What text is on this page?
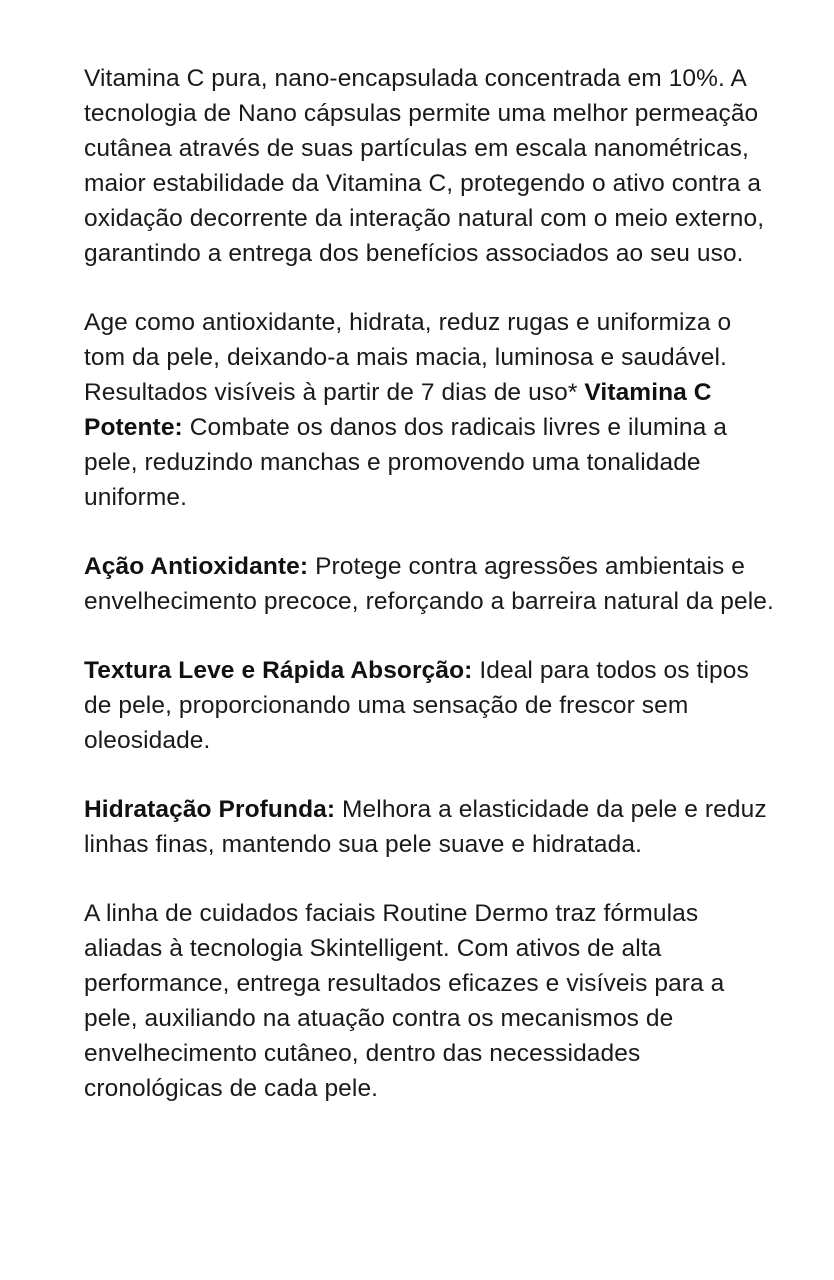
Vitamina C pura, nano-encapsulada concentrada em 10%. A tecnologia de Nano cápsulas permite uma melhor permeação cutânea através de suas partículas em escala nanométricas, maior estabilidade da Vitamina C, protegendo o ativo contra a oxidação decorrente da interação natural com o meio externo, garantindo a entrega dos benefícios associados ao seu uso.

Age como antioxidante, hidrata, reduz rugas e uniformiza o tom da pele, deixando-a mais macia, luminosa e saudável. Resultados visíveis à partir de 7 dias de uso* Vitamina C Potente: Combate os danos dos radicais livres e ilumina a pele, reduzindo manchas e promovendo uma tonalidade uniforme.

Ação Antioxidante: Protege contra agressões ambientais e envelhecimento precoce, reforçando a barreira natural da pele.

Textura Leve e Rápida Absorção: Ideal para todos os tipos de pele, proporcionando uma sensação de frescor sem oleosidade.

Hidratação Profunda: Melhora a elasticidade da pele e reduz linhas finas, mantendo sua pele suave e hidratada.

A linha de cuidados faciais Routine Dermo traz fórmulas aliadas à tecnologia Skintelligent. Com ativos de alta performance, entrega resultados eficazes e visíveis para a pele, auxiliando na atuação contra os mecanismos de envelhecimento cutâneo, dentro das necessidades cronológicas de cada pele.
